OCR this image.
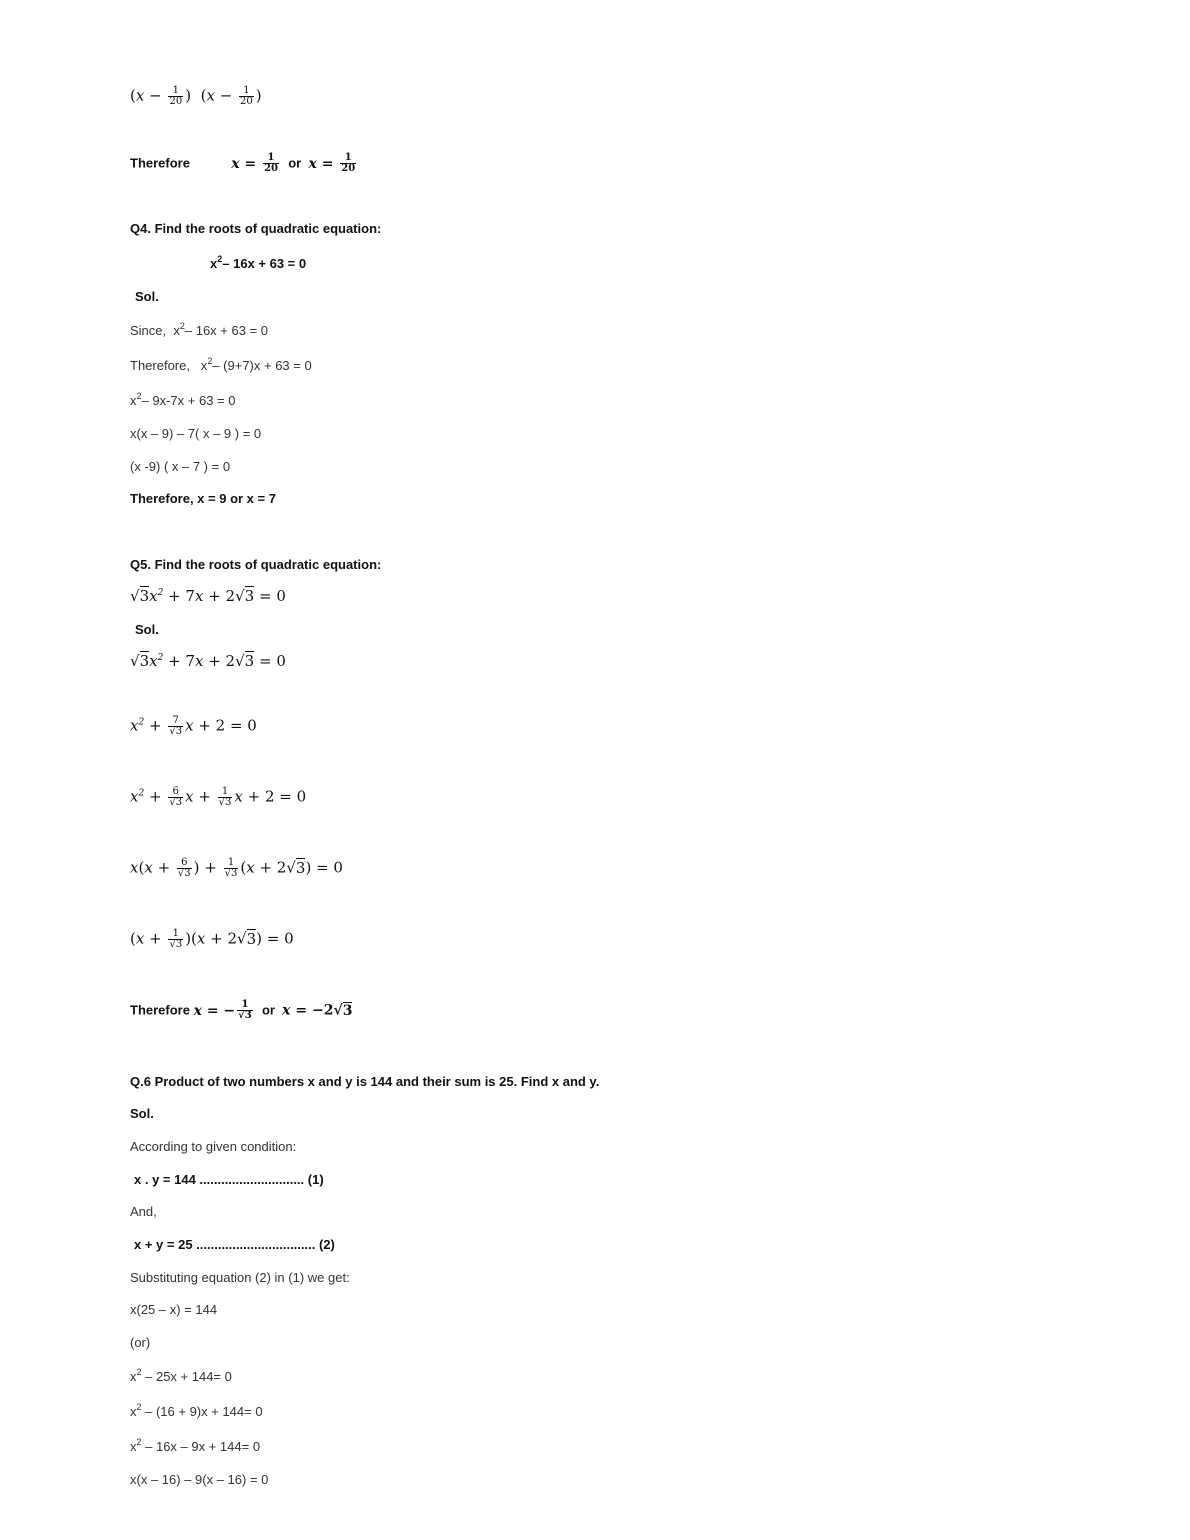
($x - \frac{1}{20}$ ) ($x - \frac{1}{20}$ )
Therefore	$x = \frac{1}{20}$ or $x = \frac{1}{20}$
Q4. Find the roots of quadratic equation:
$x^2-$ 16x + 63 = 0
Sol.
Since,  $x^2-$ 16x + 63 = 0
Therefore,   $x^2-$ (9+7)x + 63 = 0
$x^2-$ 9x-7x + 63 = 0
x(x – 9) – 7( x – 9 ) = 0
(x -9) ( x – 7 ) = 0
Therefore, x = 9 or x = 7
Q5. Find the roots of quadratic equation:
$√3x^2 + 7x + 2√3 = 0$
Sol.
$√3x^2 + 7x + 2√3 = 0$
$x^2 + \frac{7}{√3}$ x + 2 = 0
$x^2 + \frac{6}{√3}$ $x + \frac{1}{√3}$ x + 2 = 0
$x(x + \frac{6}{√3}$ ) + $\frac{1}{√3} (x + 2√3) = 0$
$(x + \frac{1}{√3} )(x + 2√3) = 0$
Therefore x = − $\frac{1}{√3}$ or x = −2√3
Q.6 Product of two numbers x and y is 144 and their sum is 25. Find x and y.
Sol.
According to given condition:
x . y = 144 ............................. (1)
And,
x + y = 25 ................................. (2)
Substituting equation (2) in (1) we get:
x(25 – x) = 144
(or)
$x^2 - 25x + 144= 0$
$x^2 - (16 + 9)x + 144= 0$
$x^2 - 16x - 9x + 144= 0$
x(x – 16) – 9(x – 16) = 0
